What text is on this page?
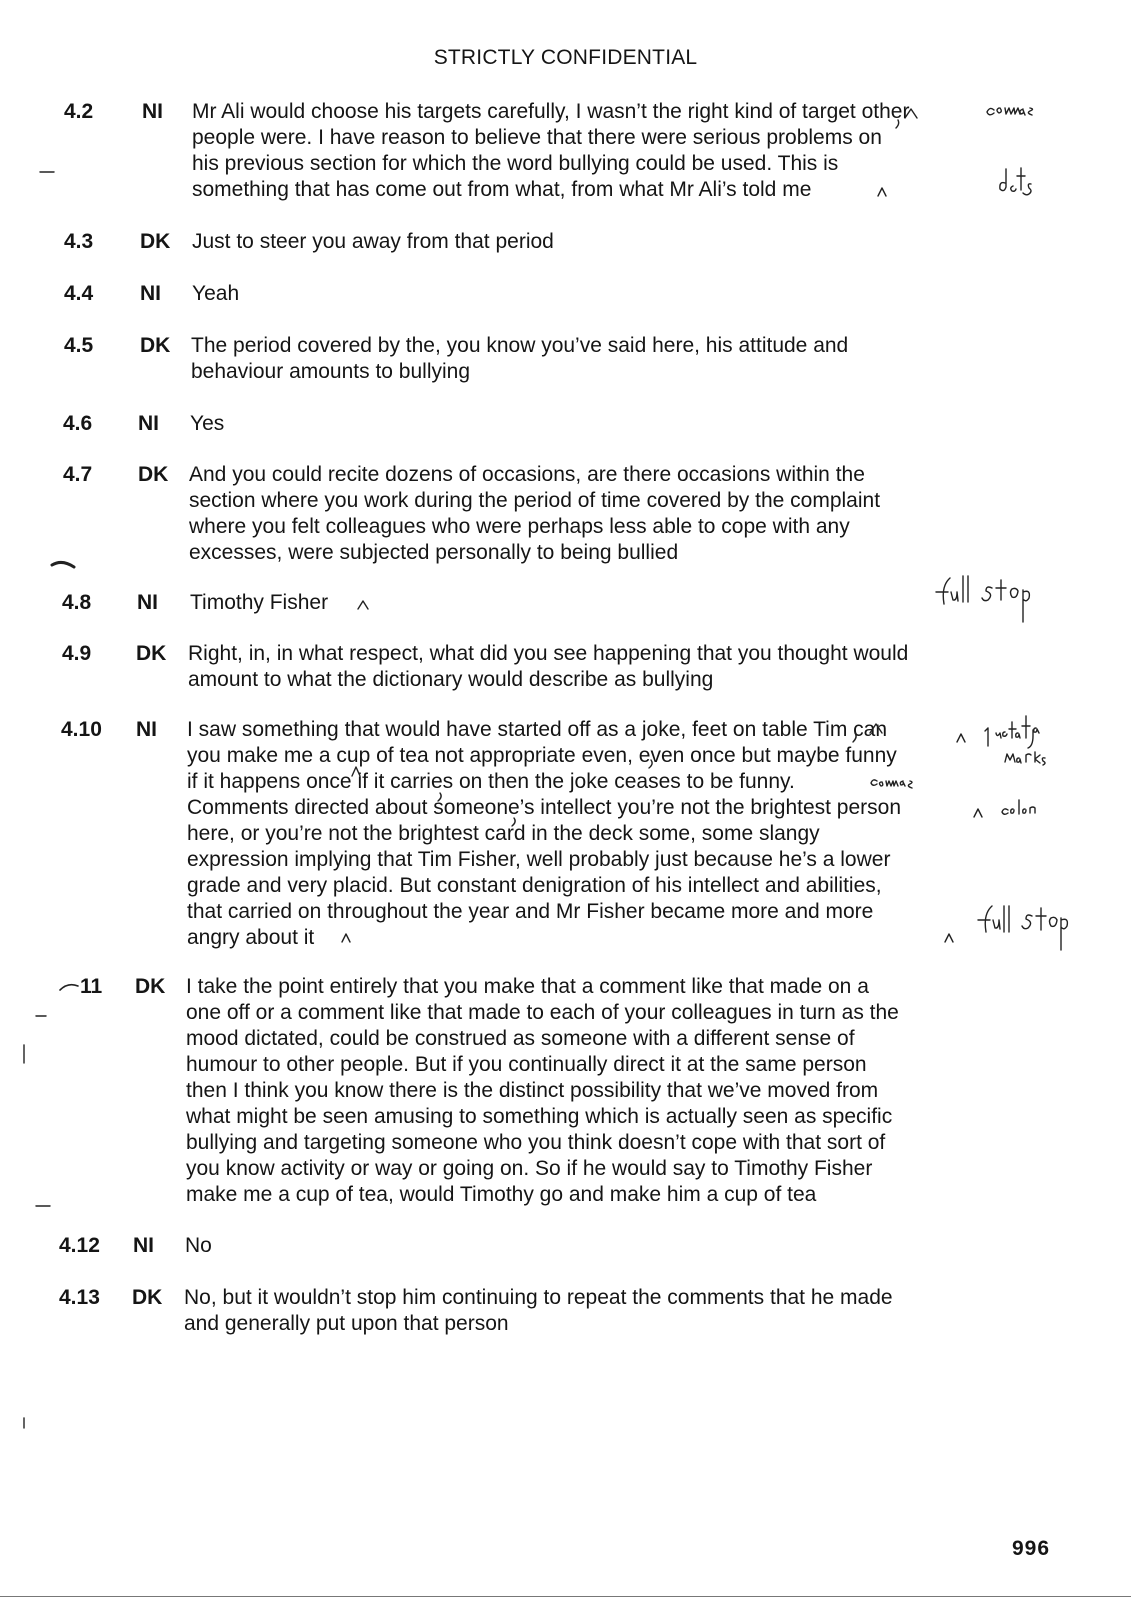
STRICTLY CONFIDENTIAL
4.2 NI Mr Ali would choose his targets carefully, I wasn’t the right kind of target other
people were. I have reason to believe that there were serious problems on
his previous section for which the word bullying could be used. This is
something that has come out from what, from what Mr Ali’s told me
4.3 DK Just to steer you away from that period
4.4 NI Yeah
4.5 DK The period covered by the, you know you’ve said here, his attitude and
behaviour amounts to bullying
4.6 NI Yes
4.7 DK And you could recite dozens of occasions, are there occasions within the
section where you work during the period of time covered by the complaint
where you felt colleagues who were perhaps less able to cope with any
excesses, were subjected personally to being bullied
4.8 NI Timothy Fisher
4.9 DK Right, in, in what respect, what did you see happening that you thought would
amount to what the dictionary would describe as bullying
4.10 NI I saw something that would have started off as a joke, feet on table Tim can
you make me a cup of tea not appropriate even, even once but maybe funny
if it happens once if it carries on then the joke ceases to be funny.
Comments directed about someone’s intellect you’re not the brightest person
here, or you’re not the brightest card in the deck some, some slangy
expression implying that Tim Fisher, well probably just because he’s a lower
grade and very placid. But constant denigration of his intellect and abilities,
that carried on throughout the year and Mr Fisher became more and more
angry about it
11 DK I take the point entirely that you make that a comment like that made on a
one off or a comment like that made to each of your colleagues in turn as the
mood dictated, could be construed as someone with a different sense of
humour to other people. But if you continually direct it at the same person
then I think you know there is the distinct possibility that we’ve moved from
what might be seen amusing to something which is actually seen as specific
bullying and targeting someone who you think doesn’t cope with that sort of
you know activity or way or going on. So if he would say to Timothy Fisher
make me a cup of tea, would Timothy go and make him a cup of tea
4.12 NI No
4.13 DK No, but it wouldn’t stop him continuing to repeat the comments that he made
and generally put upon that person
996
